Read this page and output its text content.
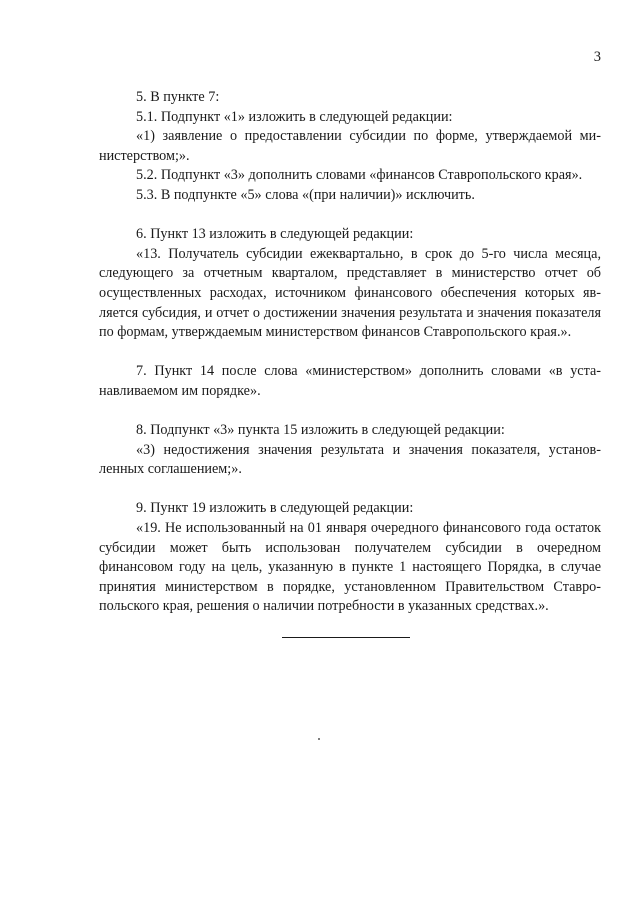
3

5. В пункте 7:

5.1. Подпункт «1» изложить в следующей редакции:

«1) заявление о предоставлении субсидии по форме, утверждаемой министерством;».

5.2. Подпункт «3» дополнить словами «финансов Ставропольского края».

5.3. В подпункте «5» слова «(при наличии)» исключить.

6. Пункт 13 изложить в следующей редакции:

«13. Получатель субсидии ежеквартально, в срок до 5-го числа месяца, следующего за отчетным кварталом, представляет в министерство отчет об осуществленных расходах, источником финансового обеспечения которых является субсидия, и отчет о достижении значения результата и значения показателя по формам, утверждаемым министерством финансов Ставропольского края.».

7. Пункт 14 после слова «министерством» дополнить словами «в устанавливаемом им порядке».

8. Подпункт «3» пункта 15 изложить в следующей редакции:

«3) недостижения значения результата и значения показателя, установленных соглашением;».

9. Пункт 19 изложить в следующей редакции:

«19. Не использованный на 01 января очередного финансового года остаток субсидии может быть использован получателем субсидии в очередном финансовом году на цель, указанную в пункте 1 настоящего Порядка, в случае принятия министерством в порядке, установленном Правительством Ставропольского края, решения о наличии потребности в указанных средствах.».
